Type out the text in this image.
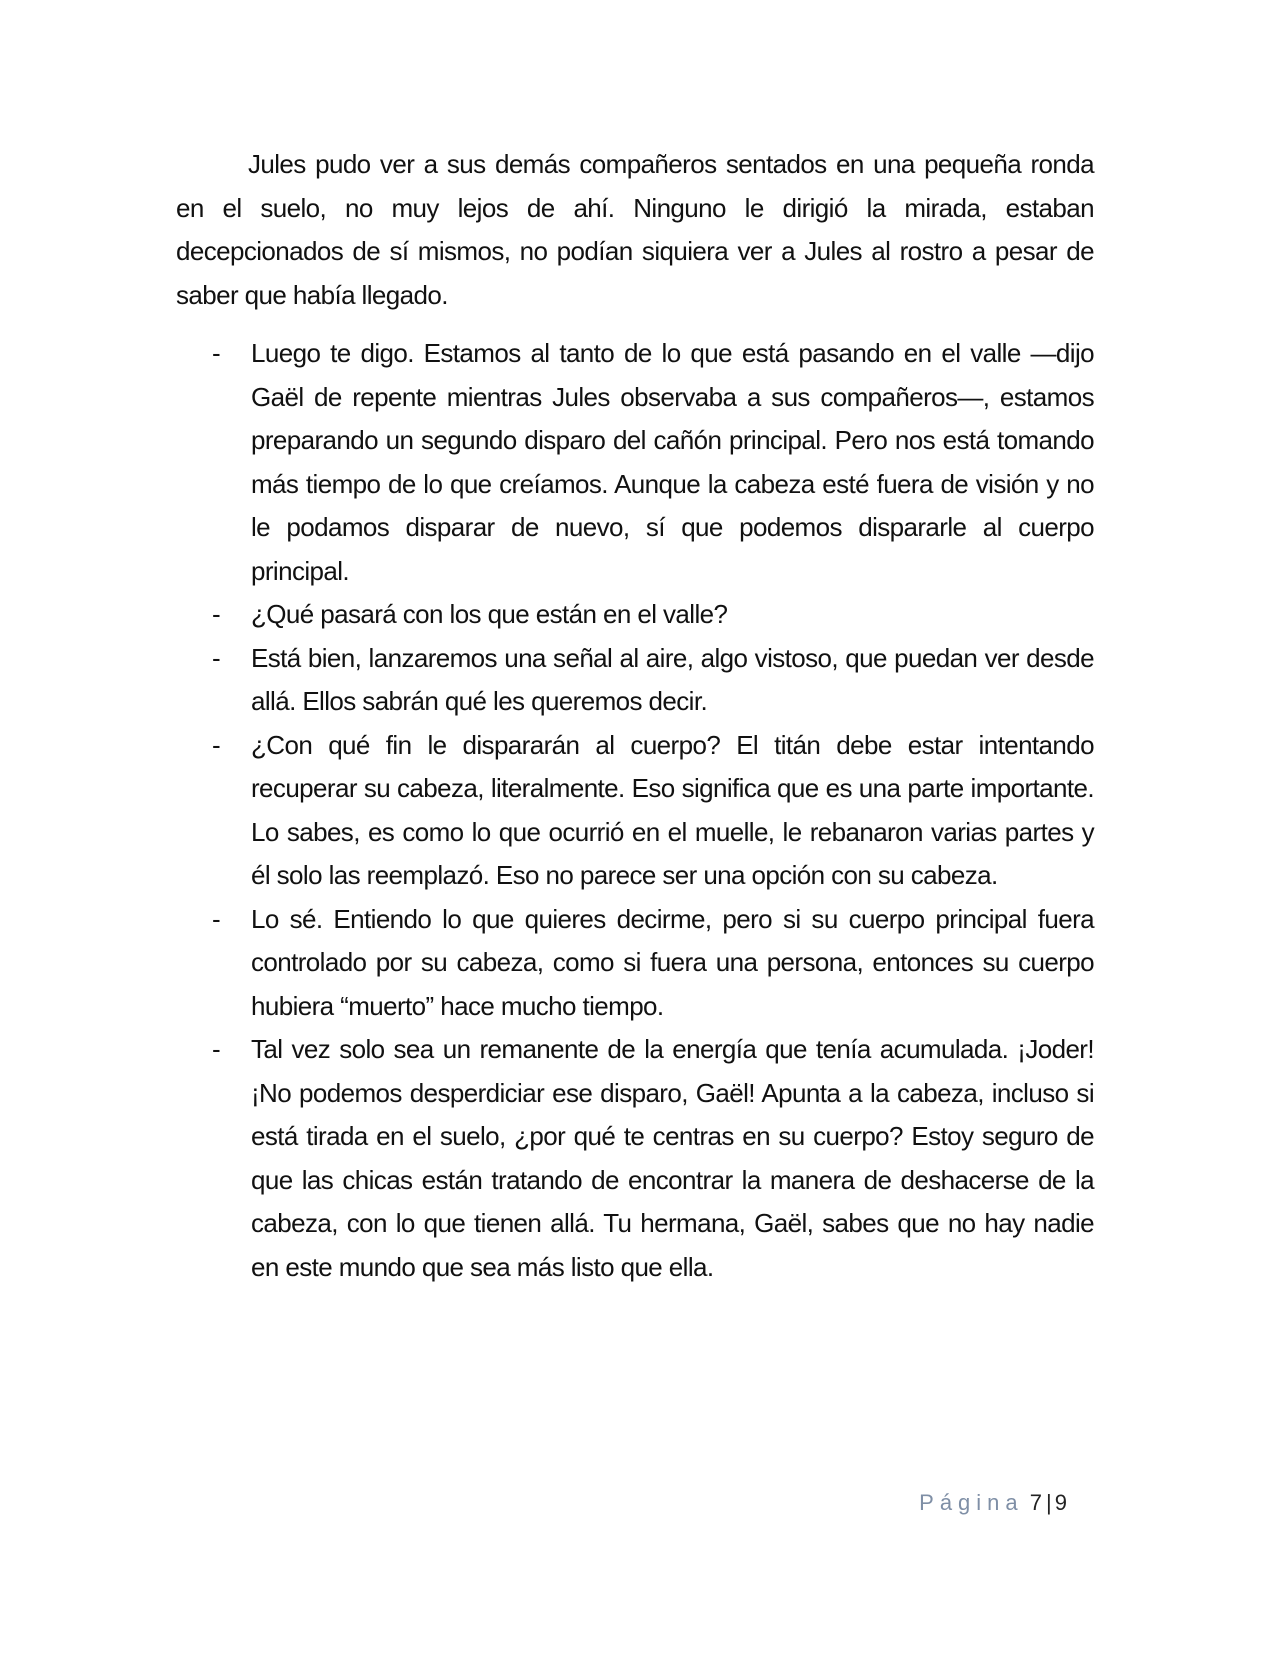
Jules pudo ver a sus demás compañeros sentados en una pequeña ronda en el suelo, no muy lejos de ahí. Ninguno le dirigió la mirada, estaban decepcionados de sí mismos, no podían siquiera ver a Jules al rostro a pesar de saber que había llegado.

- Luego te digo. Estamos al tanto de lo que está pasando en el valle —dijo Gaël de repente mientras Jules observaba a sus compañeros—, estamos preparando un segundo disparo del cañón principal. Pero nos está tomando más tiempo de lo que creíamos. Aunque la cabeza esté fuera de visión y no le podamos disparar de nuevo, sí que podemos dispararle al cuerpo principal.
- ¿Qué pasará con los que están en el valle?
- Está bien, lanzaremos una señal al aire, algo vistoso, que puedan ver desde allá. Ellos sabrán qué les queremos decir.
- ¿Con qué fin le dispararán al cuerpo? El titán debe estar intentando recuperar su cabeza, literalmente. Eso significa que es una parte importante. Lo sabes, es como lo que ocurrió en el muelle, le rebanaron varias partes y él solo las reemplazó. Eso no parece ser una opción con su cabeza.
- Lo sé. Entiendo lo que quieres decirme, pero si su cuerpo principal fuera controlado por su cabeza, como si fuera una persona, entonces su cuerpo hubiera “muerto” hace mucho tiempo.
- Tal vez solo sea un remanente de la energía que tenía acumulada. ¡Joder! ¡No podemos desperdiciar ese disparo, Gaël! Apunta a la cabeza, incluso si está tirada en el suelo, ¿por qué te centras en su cuerpo? Estoy seguro de que las chicas están tratando de encontrar la manera de deshacerse de la cabeza, con lo que tienen allá. Tu hermana, Gaël, sabes que no hay nadie en este mundo que sea más listo que ella.
Página 7 | 9
